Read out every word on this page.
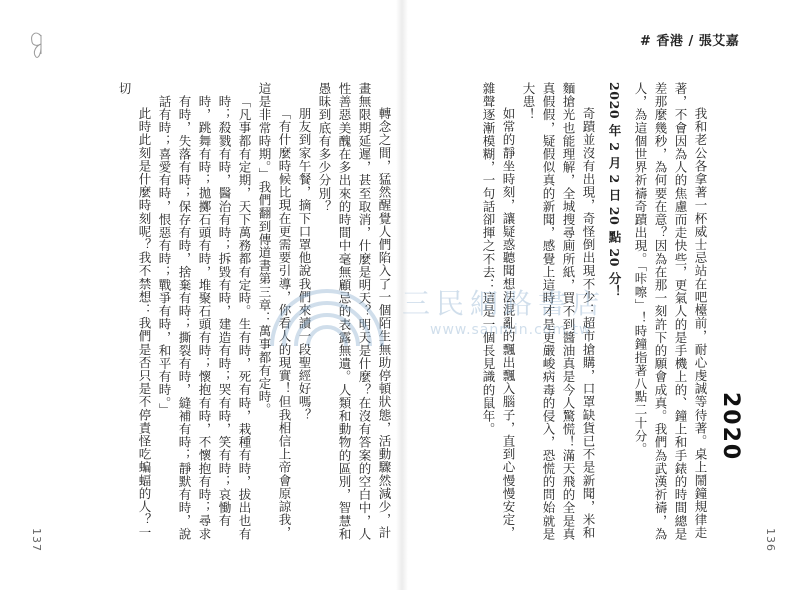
# 香港 / 張艾嘉

我和老公各拿著一杯威士忌站在吧檯前，耐心虔誠等待著。桌上鬧鐘規律走著，不會因為人的焦慮而走快些，更氣人的是手機上的、鐘上和手錶的時間總是差那麼幾秒，為何要在意？因為在那一刻許下的願會成真。我們為武漢祈禱，為人，為這個世界祈禱奇蹟出現。「咔嚓」！時鐘指著八點二十分。

2020 年 2 月 2 日 20 點 20 分！

奇蹟並沒有出現，奇怪倒出現不少：超市搶購，口罩缺貨已不是新聞，米和麵搶光也能理解，全城搜尋廁所紙，買不到醬油真是今人驚慌！滿天飛的全是真真假假，疑假似真的新聞，感覺上這時才是更嚴峻病毒的侵入，恐慌的問始就是大患！

如常的靜坐時刻，讓疑惑聽聞想法混亂的飄出飄入腦子，直到心慢慢安定，雜聲逐漸模糊，一句話卻揮之不去：這是一個長見識的鼠年。	2020
136

轉念之間，猛然醒覺人們陷入了一個陌生無助停頓狀態，活動驟然減少，計畫無限期延遲，甚至取消，什麼是明天？明天是什麼？在沒有答案的空白中，人性善惡美醜在多出來的時間中毫無顧忌的表露無遺。人類和動物的區別，智慧和愚昧到底有多少分別？

朋友到家午餐，摘下口罩他說我們來讀一段聖經好嗎？

「有什麼時候比現在更需要引導，你看人的現實！但我相信上帝會原諒我，這是非常時期。」我們翻到傳道書第三章：萬事都有定時。

「凡事都有定期，天下萬務都有定時。生有時，死有時，栽種有時，拔出也有時；殺戮有時，醫治有時；拆毀有時，建造有時；哭有時，笑有時；哀慟有時，跳舞有時；拋擲石頭有時，堆聚石頭有時；懷抱有時，不懷抱有時；尋求有時，失落有時；保存有時，捨棄有時；撕裂有時，縫補有時；靜默有時，說話有時；喜愛有時，恨惡有時；戰爭有時，和平有時。」

此時此刻是什麼時刻呢？我不禁想：我們是否只是不停責怪吃蝙蝠的人？一切

137
三民網路書店
www.sanmin.com.tw
